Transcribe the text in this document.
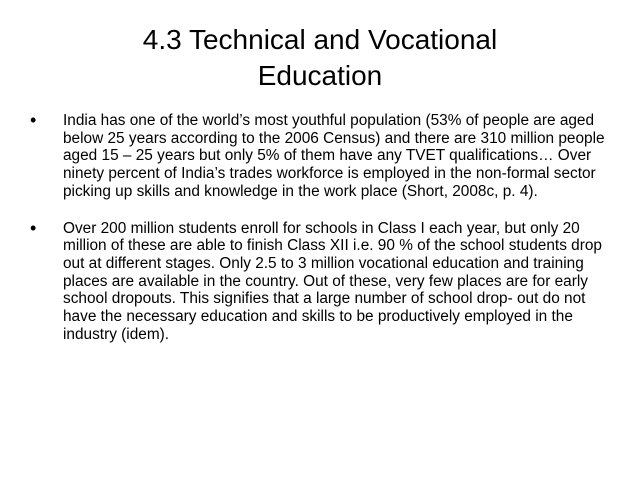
4.3 Technical and Vocational
Education
• India has one of the world’s most youthful population (53% of people are aged below 25 years according to the 2006 Census) and there are 310 million people aged 15 – 25 years but only 5% of them have any TVET qualifications… Over ninety percent of India’s trades workforce is employed in the non-formal sector picking up skills and knowledge in the work place (Short, 2008c, p. 4).
• Over 200 million students enroll for schools in Class I each year, but only 20 million of these are able to finish Class XII i.e. 90 % of the school students drop out at different stages. Only 2.5 to 3 million vocational education and training places are available in the country. Out of these, very few places are for early school dropouts. This signifies that a large number of school drop- out do not have the necessary education and skills to be productively employed in the industry (idem).
